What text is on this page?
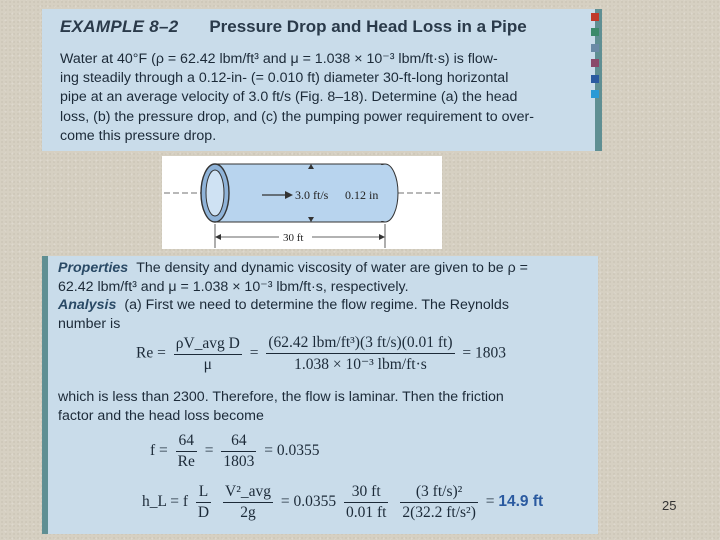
EXAMPLE 8–2 Pressure Drop and Head Loss in a Pipe
Water at 40°F (ρ = 62.42 lbm/ft³ and μ = 1.038 × 10⁻³ lbm/ft·s) is flow-
ing steadily through a 0.12-in- (= 0.010 ft) diameter 30-ft-long horizontal
pipe at an average velocity of 3.0 ft/s (Fig. 8–18). Determine (a) the head
loss, (b) the pressure drop, and (c) the pumping power requirement to over-
come this pressure drop.
3.0 ft/s 0.12 in
30 ft
Properties The density and dynamic viscosity of water are given to be ρ =
62.42 lbm/ft³ and μ = 1.038 × 10⁻³ lbm/ft·s, respectively.
Analysis (a) First we need to determine the flow regime. The Reynolds
number is
$Re = \frac{\text{ρV\_avg D}}{\mu} = \frac{\text{(62.42 lbm/ft³)(3 ft/s)(0.01 ft)}}{\text{1.038 × 10⁻³ lbm/ft·s}} = 1803$
which is less than 2300. Therefore, the flow is laminar. Then the friction
factor and the head loss become
$f = \frac{64}{Re} = \frac{64}{1803} = 0.0355$
h_L = f $\frac{L}{D}$
$\frac{\text{V²\_avg}}{2g} = 0.0355 \frac{30 ft}{0.01 ft}$
$\frac{\text{(3 ft/s)²}}{\text{2(32.2 ft/s²)}} = 14.9$ ft	25
